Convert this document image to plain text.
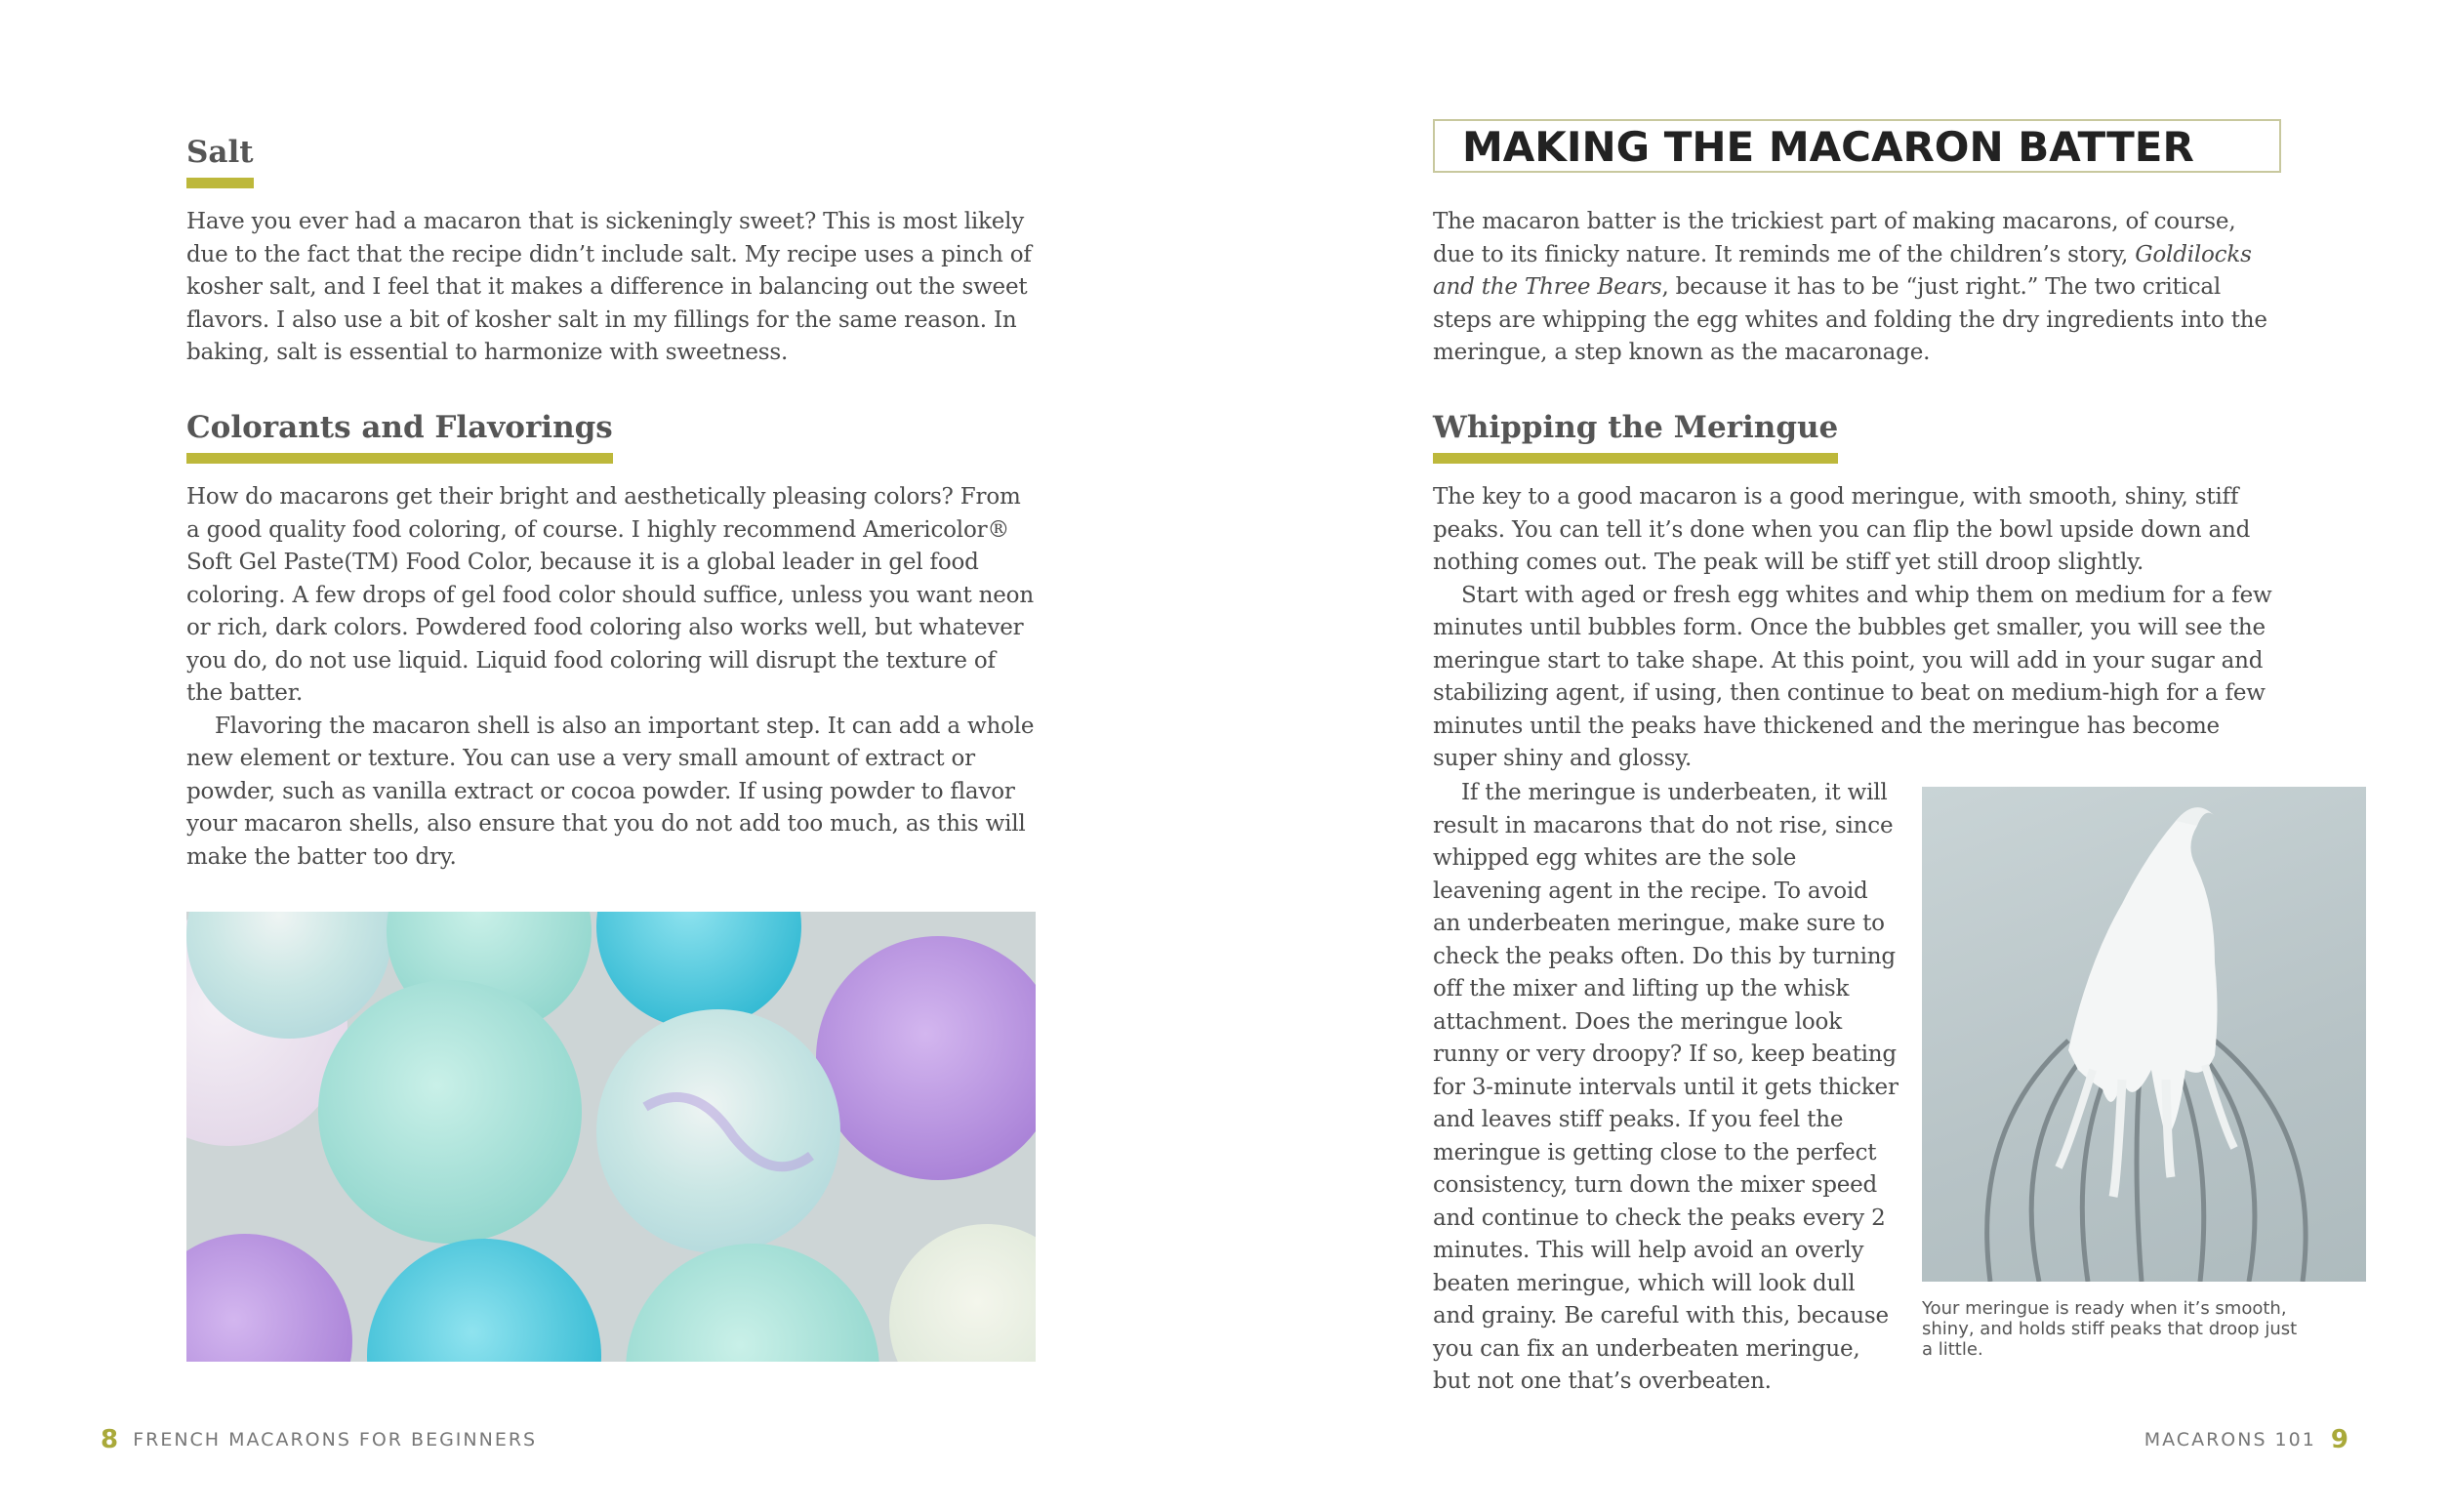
Salt

Have you ever had a macaron that is sickeningly sweet? This is most likely due to the fact that the recipe didn’t include salt. My recipe uses a pinch of kosher salt, and I feel that it makes a difference in balancing out the sweet flavors. I also use a bit of kosher salt in my fillings for the same reason. In baking, salt is essential to harmonize with sweetness.

Colorants and Flavorings

How do macarons get their bright and aesthetically pleasing colors? From a good quality food coloring, of course. I highly recommend Americolor® Soft Gel Paste(TM) Food Color, because it is a global leader in gel food coloring. A few drops of gel food color should suffice, unless you want neon or rich, dark colors. Powdered food coloring also works well, but whatever you do, do not use liquid. Liquid food coloring will disrupt the texture of the batter.

Flavoring the macaron shell is also an important step. It can add a whole new element or texture. You can use a very small amount of extract or powder, such as vanilla extract or cocoa powder. If using powder to flavor your macaron shells, also ensure that you do not add too much, as this will make the batter too dry.

8 FRENCH MACARONS FOR BEGINNERS
MAKING THE MACARON BATTER

The macaron batter is the trickiest part of making macarons, of course, due to its finicky nature. It reminds me of the children’s story, Goldilocks and the Three Bears, because it has to be “just right.” The two critical steps are whipping the egg whites and folding the dry ingredients into the meringue, a step known as the macaronage.

Whipping the Meringue

The key to a good macaron is a good meringue, with smooth, shiny, stiff peaks. You can tell it’s done when you can flip the bowl upside down and nothing comes out. The peak will be stiff yet still droop slightly.

Start with aged or fresh egg whites and whip them on medium for a few minutes until bubbles form. Once the bubbles get smaller, you will see the meringue start to take shape. At this point, you will add in your sugar and stabilizing agent, if using, then continue to beat on medium-high for a few minutes until the peaks have thickened and the meringue has become super shiny and glossy.

If the meringue is underbeaten, it will result in macarons that do not rise, since whipped egg whites are the sole leavening agent in the recipe. To avoid an underbeaten meringue, make sure to check the peaks often. Do this by turning off the mixer and lifting up the whisk attachment. Does the meringue look runny or very droopy? If so, keep beating for 3-minute intervals until it gets thicker and leaves stiff peaks. If you feel the meringue is getting close to the perfect consistency, turn down the mixer speed and continue to check the peaks every 2 minutes. This will help avoid an overly beaten meringue, which will look dull and grainy. Be careful with this, because you can fix an underbeaten meringue, but not one that’s overbeaten.

Your meringue is ready when it’s smooth, shiny, and holds stiff peaks that droop just a little.

MACARONS 101 9
